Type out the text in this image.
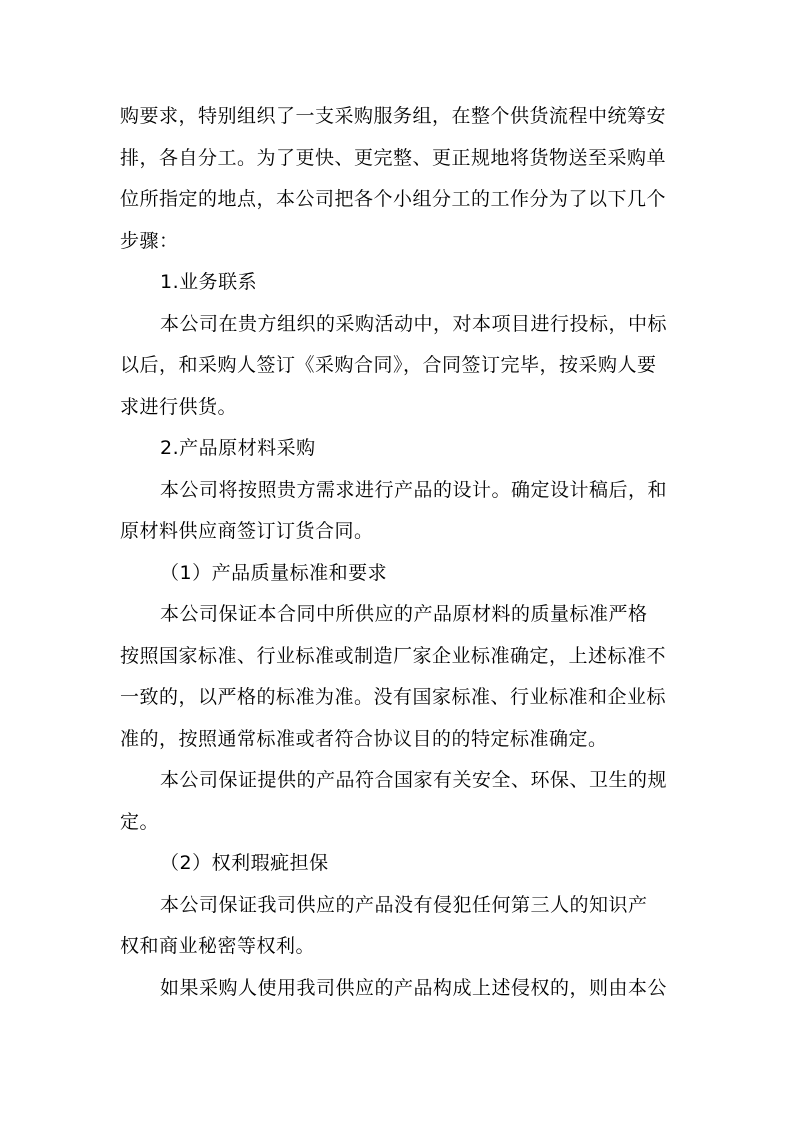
购要求，特别组织了一支采购服务组，在整个供货流程中统筹安
排，各自分工。为了更快、更完整、更正规地将货物送至采购单
位所指定的地点，本公司把各个小组分工的工作分为了以下几个
步骤：
1.业务联系
本公司在贵方组织的采购活动中，对本项目进行投标，中标
以后，和采购人签订《采购合同》，合同签订完毕，按采购人要
求进行供货。
2.产品原材料采购
本公司将按照贵方需求进行产品的设计。确定设计稿后，和
原材料供应商签订订货合同。
（1）产品质量标准和要求
本公司保证本合同中所供应的产品原材料的质量标准严格
按照国家标准、行业标准或制造厂家企业标准确定，上述标准不
一致的，以严格的标准为准。没有国家标准、行业标准和企业标
准的，按照通常标准或者符合协议目的的特定标准确定。
本公司保证提供的产品符合国家有关安全、环保、卫生的规
定。
（2）权利瑕疵担保
本公司保证我司供应的产品没有侵犯任何第三人的知识产
权和商业秘密等权利。
如果采购人使用我司供应的产品构成上述侵权的，则由本公
